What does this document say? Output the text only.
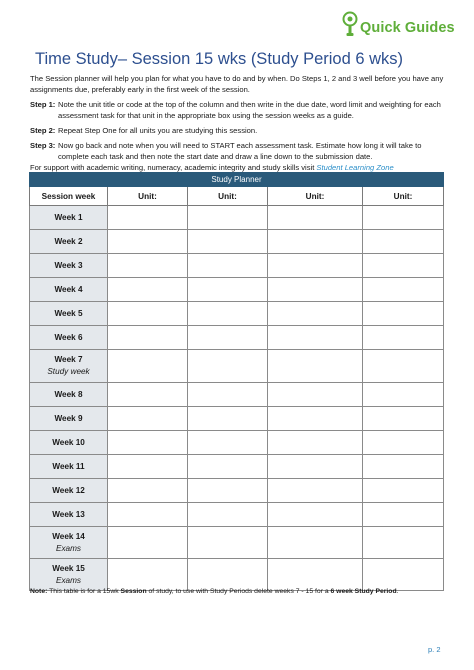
Quick Guides
Time Study– Session 15 wks (Study Period 6 wks)

The Session planner will help you plan for what you have to do and by when. Do Steps 1, 2 and 3 well before you have any assignments due, preferably early in the first week of the session.

Step 1: Note the unit title or code at the top of the column and then write in the due date, word limit and weighting for each assessment task for that unit in the appropriate box using the session weeks as a guide.
Step 2: Repeat Step One for all units you are studying this session.
Step 3: Now go back and note when you will need to START each assessment task. Estimate how long it will take to complete each task and then note the start date and draw a line down to the submission date.

For support with academic writing, numeracy, academic integrity and study skills visit Student Learning Zone

Study Planner				
Session week	Unit:	Unit:	Unit:	Unit:
Week 1				
Week 2				
Week 3				
Week 4				
Week 5				
Week 6				
Week 7
Study week				

Week 8				
Week 9				
Week 10				
Week 11				
Week 12				
Week 13				
Week 14
Exams				

Week 15
Exams				

Note: This table is for a 15wk Session of study, to use with Study Periods delete weeks 7 - 15 for a 6 week Study Period.
p. 2
